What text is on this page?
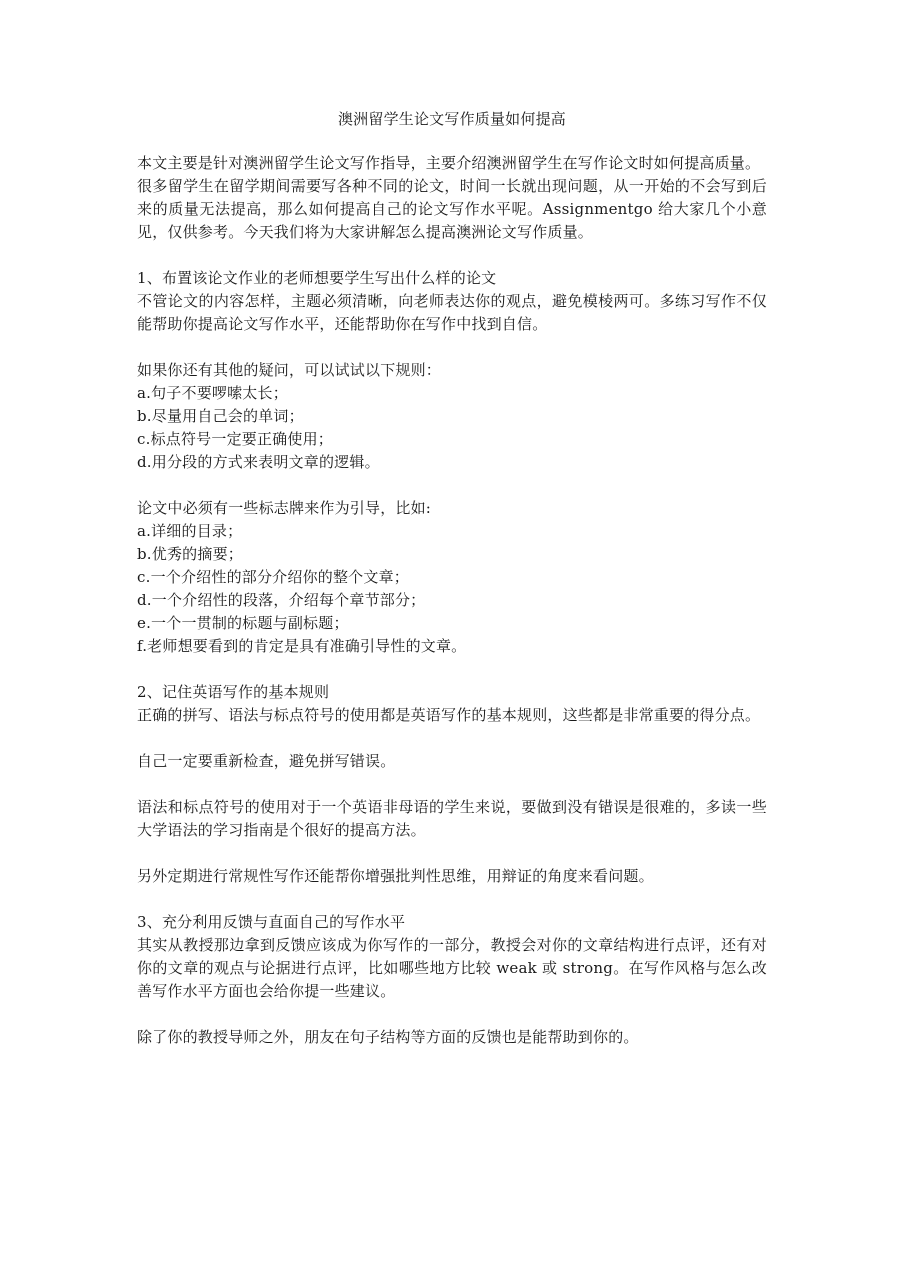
澳洲留学生论文写作质量如何提高

本文主要是针对澳洲留学生论文写作指导，主要介绍澳洲留学生在写作论文时如何提高质量。

很多留学生在留学期间需要写各种不同的论文，时间一长就出现问题，从一开始的不会写到后来的质量无法提高，那么如何提高自己的论文写作水平呢。Assignmentgo 给大家几个小意见，仅供参考。今天我们将为大家讲解怎么提高澳洲论文写作质量。

1、布置该论文作业的老师想要学生写出什么样的论文

不管论文的内容怎样，主题必须清晰，向老师表达你的观点，避免模棱两可。多练习写作不仅能帮助你提高论文写作水平，还能帮助你在写作中找到自信。

如果你还有其他的疑问，可以试试以下规则：

a.句子不要啰嗦太长；
b.尽量用自己会的单词；
c.标点符号一定要正确使用；
d.用分段的方式来表明文章的逻辑。

论文中必须有一些标志牌来作为引导，比如:

a.详细的目录；
b.优秀的摘要；
c.一个介绍性的部分介绍你的整个文章；
d.一个介绍性的段落，介绍每个章节部分；
e.一个一贯制的标题与副标题；
f.老师想要看到的肯定是具有准确引导性的文章。

2、记住英语写作的基本规则

正确的拼写、语法与标点符号的使用都是英语写作的基本规则，这些都是非常重要的得分点。

自己一定要重新检查，避免拼写错误。

语法和标点符号的使用对于一个英语非母语的学生来说，要做到没有错误是很难的，多读一些大学语法的学习指南是个很好的提高方法。

另外定期进行常规性写作还能帮你增强批判性思维，用辩证的角度来看问题。

3、充分利用反馈与直面自己的写作水平

其实从教授那边拿到反馈应该成为你写作的一部分，教授会对你的文章结构进行点评，还有对你的文章的观点与论据进行点评，比如哪些地方比较 weak 或 strong。在写作风格与怎么改善写作水平方面也会给你提一些建议。

除了你的教授导师之外，朋友在句子结构等方面的反馈也是能帮助到你的。
